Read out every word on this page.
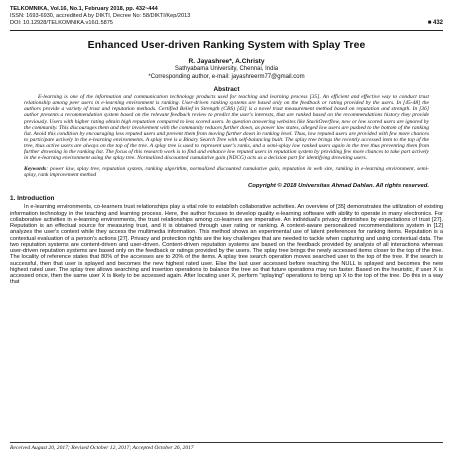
TELKOMNIKA, Vol.16, No.1, February 2018, pp. 432~444
ISSN: 1693-6930, accredited A by DIKTI, Decree No: 58/DIKTI/Kep/2013
DOI: 10.12928/TELKOMNIKA.v16i1.5875	■ 432
Enhanced User-driven Ranking System with Splay Tree
R. Jayashree*, A.Christy
Sathyabama University, Chennai, India
*Corresponding author, e-mail: jayashreerm77@gmail.com
Abstract
E-learning is one of the information and communication technology products used for teaching and learning process [35]. An efficient and effective way to conduct trust relationship among peer users in e-learning environment is ranking. User-driven ranking systems are based only on the feedback or rating provided by the users. In [45-48] the authors provide a variety of trust and reputation methods. Certified Belief in Strength (CBS) [43] is a novel trust measurement method based on reputation and strength. In [36] author presents a recommendation system based on the relevant feedback review to predict the user's interests, that are ranked based on the recommendations history they provide previously. Users with higher rating obtain high reputation compared to less scored users. In question answering websites like StackOverflow, new or low scored users are ignored by the community. This discourages them and their involvement with the community reduces further down, as power law states, alleged low users are pushed to the bottom of the ranking list. Avoid this condition by encouraging less reputed users and prevent them from moving further down in ranking level. Thus, low reputed users are provided with few more chances to participate actively in the e-learning environments. A splay tree is a Binary Search Tree with self-balancing built. The splay tree brings the recently accessed item to the top of the tree, thus active users are always on the top of the tree. A splay tree is used to represent user's ranks, and a semi-splay low ranked users again in the tree thus preventing them from further drowning in the ranking list. The focus of this research work is to find and enhance low reputed users in reputation system by providing few more chances to take part actively in the e-learning environment using the splay tree. Normalized discounted cumulative gain (NDCG) acts as a decision part for identifying drowning users.
Keywords: power law, splay tree, reputation system, ranking algorithm, normalized discounted cumulative gain, reputation in web site, ranking in e-learning environment, semi-splay, rank improvement method
Copyright © 2018 Universitas Ahmad Dahlan. All rights reserved.
1. Introduction
In e-learning environments, co-learners trust relationships play a vital role to establish collaborative activities. An overview of [35] demonstrates the utilization of existing information technology in the teaching and learning process. Here, the author focuses to develop quality e-learning software with ability to operate in many electronics. For collaborative activities in e-learning environments, the trust relationships among co-learners are imperative. An individual's privacy diminishes by expectations of trust [27]. Reputation is an effectual source for measuring trust, and it is obtained through user rating or ranking. A context-aware personalized recommendations system in [12] analyzes the user's context while they access the multimedia information. This method shows an experimental use of latent preferences for ranking items. Reputation is a contextual evaluation of a person's actions [27]. Privacy and protection rights are the key challenges that are needed to tackle when capturing and using contextual data. The two reputation systems are content-driven and user-driven. Content-driven reputation systems are based on the feedback provided by analysis of all interactions whereas user-driven reputation systems are based only on the feedback or ratings provided by the users. The splay tree brings the newly accessed items closer to the top of the tree. The locality of reference states that 80% of the accesses are to 20% of the items. A splay tree search operation moves searched user to the top of the tree. If the search is successful, then that user is splayed and becomes the new highest rated user. Else the last user accessed before reaching the NULL is splayed and becomes the new highest rated user. The splay tree allows searching and insertion operations to balance the tree so that future operations may run faster. Based on the heuristic, if user X is accessed once, then the same user X is likely to be accessed again. After locating user X, perform "splaying" operations to bring up X to the top of the tree. Do this in a way that
Received August 20, 2017; Revised October 12, 2017; Accepted October 26, 2017
